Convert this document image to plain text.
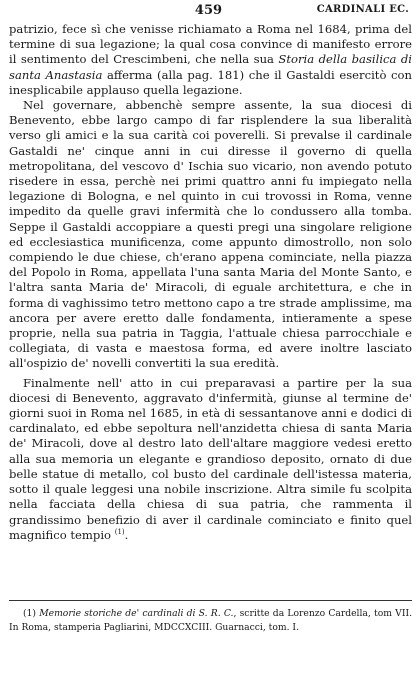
459	CARDINALI EC.

patrizio, fece sì che venisse richiamato a Roma nel 1684, prima del termine di sua legazione; la qual cosa convince di manifesto errore il sentimento del Crescimbeni, che nella sua Storia della basilica di santa Anastasia afferma (alla pag. 181) che il Gastaldi esercitò con inesplicabile applauso quella legazione.

Nel governare, abbenchè sempre assente, la sua diocesi di Benevento, ebbe largo campo di far risplendere la sua liberalità verso gli amici e la sua carità coi poverelli. Si prevalse il cardinale Gastaldi ne' cinque anni in cui diresse il governo di quella metropolitana, del vescovo d' Ischia suo vicario, non avendo potuto risedere in essa, perchè nei primi quattro anni fu impiegato nella legazione di Bologna, e nel quinto in cui trovossi in Roma, venne impedito da quelle gravi infermità che lo condussero alla tomba. Seppe il Gastaldi accoppiare a questi pregi una singolare religione ed ecclesiastica munificenza, come appunto dimostrollo, non solo compiendo le due chiese, ch'erano appena cominciate, nella piazza del Popolo in Roma, appellata l'una santa Maria del Monte Santo, e l'altra santa Maria de' Miracoli, di eguale architettura, e che in forma di vaghissimo tetro mettono capo a tre strade amplissime, ma ancora per avere eretto dalle fondamenta, intieramente a spese proprie, nella sua patria in Taggia, l'attuale chiesa parrocchiale e collegiata, di vasta e maestosa forma, ed avere inoltre lasciato all'ospizio de' novelli convertiti la sua eredità.

Finalmente nell' atto in cui preparavasi a partire per la sua diocesi di Benevento, aggravato d'infermità, giunse al termine de' giorni suoi in Roma nel 1685, in età di sessantanove anni e dodici di cardinalato, ed ebbe sepoltura nell'anzidetta chiesa di santa Maria de' Miracoli, dove al destro lato dell'altare maggiore vedesi eretto alla sua memoria un elegante e grandioso deposito, ornato di due belle statue di metallo, col busto del cardinale dell'istessa materia, sotto il quale leggesi una nobile inscrizione. Altra simile fu scolpita nella facciata della chiesa di sua patria, che rammenta il grandissimo benefizio di aver il cardinale cominciato e finito quel magnifico tempio $^{(1)}$.

(1) Memorie storiche de' cardinali di S. R. C., scritte da Lorenzo Cardella, tom VII. In Roma, stamperia Pagliarini, MDCCXCIII. Guarnacci, tom. I.
